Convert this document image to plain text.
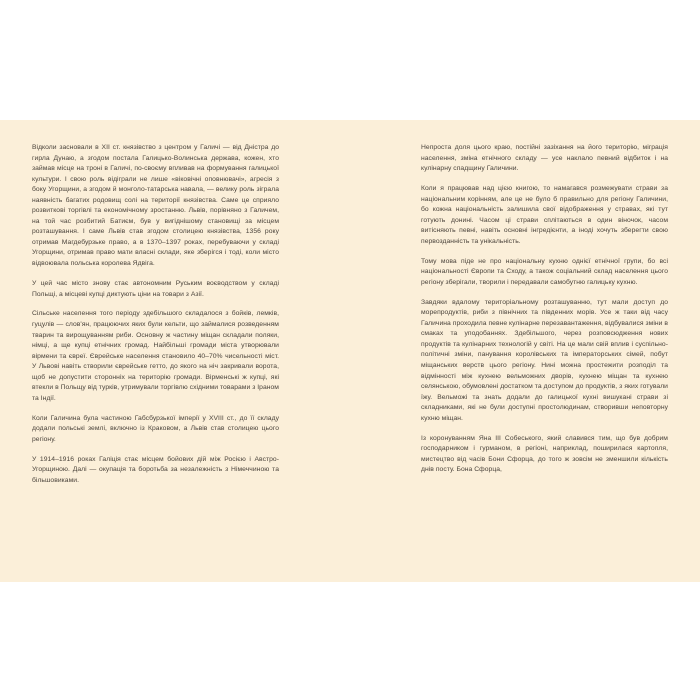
Відколи засновали в XII ст. князівство з центром у Галичі — від Дністра до гирла Дунаю, а згодом постала Галицько-Волинська держава, кожен, хто займав місце на троні в Галичі, по-своєму впливав на формування галицької культури. І свою роль відіграли не лише «віковічні оповнювачі», агресія з боку Угорщини, а згодом й монголо-татарська навала, — велику роль зіграла наявність багатих родовищ солі на території князівства. Саме це сприяло розвиткові торгівлі та економічному зростанню. Львів, порівняно з Галичем, на той час розбитий Батиєм, був у вигіднішому становищі за місцем розташування. І саме Львів став згодом столицею князівства, 1356 року отримав Магдебурзьке право, а в 1370–1397 роках, перебуваючи у складі Угорщини, отримав право мати власні склади, яке зберігся і тоді, коли місто відвоювала польська королева Ядвіга.

У цей час місто знову стає автономним Руським воєводством у складі Польщі, а місцеві купці диктують ціни на товари з Азії.

Сільське населення того періоду здебільшого складалося з бойків, лемків, гуцулів — слов'ян, працюючих яких були кельти, що займалися розведенням тварин та вирощуванням риби. Основну ж частину міщан складали поляки, німці, а ще купці етнічних громад. Найбільші громади міста утворювали вірмени та євреї. Єврейське населення становило 40–70% чисельності міст. У Львові навіть створили єврейське гетто, до якого на ніч закривали ворота, щоб не допустити сторонніх на територію громади. Вірменські ж купці, які втекли в Польщу від турків, утримували торгівлю східними товарами з Іраном та Індії.

Коли Галичина була частиною Габсбурзької імперії у XVIII ст., до її складу додали польські землі, включно із Краковом, а Львів став столицею цього регіону.

У 1914–1916 роках Галіція стає місцем бойових дій між Росією і Австро-Угорщиною. Далі — окупація та боротьба за незалежність з Німеччиною та більшовиками.

Непроста доля цього краю, постійні зазіхання на його територію, міграція населення, зміна етнічного складу — усе наклало певний відбиток і на кулінарну спадщину Галичини.

Коли я працював над цією книгою, то намагався розмежувати страви за національним корінням, але це не було б правильно для регіону Галичини, бо кожна національність залишила свої відображення у стравах, які тут готують донині. Часом ці страви сплітаються в один віночок, часом витісняють певні, навіть основні інгредієнти, а іноді хочуть зберегти свою первозданність та унікальність.

Тому мова піде не про національну кухню однієї етнічної групи, бо всі національності Європи та Сходу, а також соціальний склад населення цього регіону зберігали, творили і передавали самобутню галицьку кухню.

Завдяки вдалому територіальному розташуванню, тут мали доступ до морепродуктів, риби з північних та південних морів. Усе ж таки від часу Галичина проходила певне кулінарне перезавантаження, відбувалися зміни в смаках та уподобаннях. Здебільшого, через розповсюдження нових продуктів та кулінарних технологій у світі. На це мали свій вплив і суспільно-політичні зміни, панування королівських та імператорських сімей, побут міщанських верств цього регіону. Нині можна простежити розподіл та відмінності між кухнею вельможних дворів, кухнею міщан та кухнею селянською, обумовлені достатком та доступом до продуктів, з яких готували їжу. Вельможі та знать додали до галицької кухні вишукані страви зі складниками, які не були доступні простолюдинам, створивши неповторну кухню міщан.

Із коронуванням Яна III Собеського, який славився тим, що був добрим господарником і гурманом, в регіоні, наприклад, поширилася картопля, мистецтво від часів Бони Сфорца, до того ж зовсім не зменшили кількість днів посту. Бона Сфорца,
